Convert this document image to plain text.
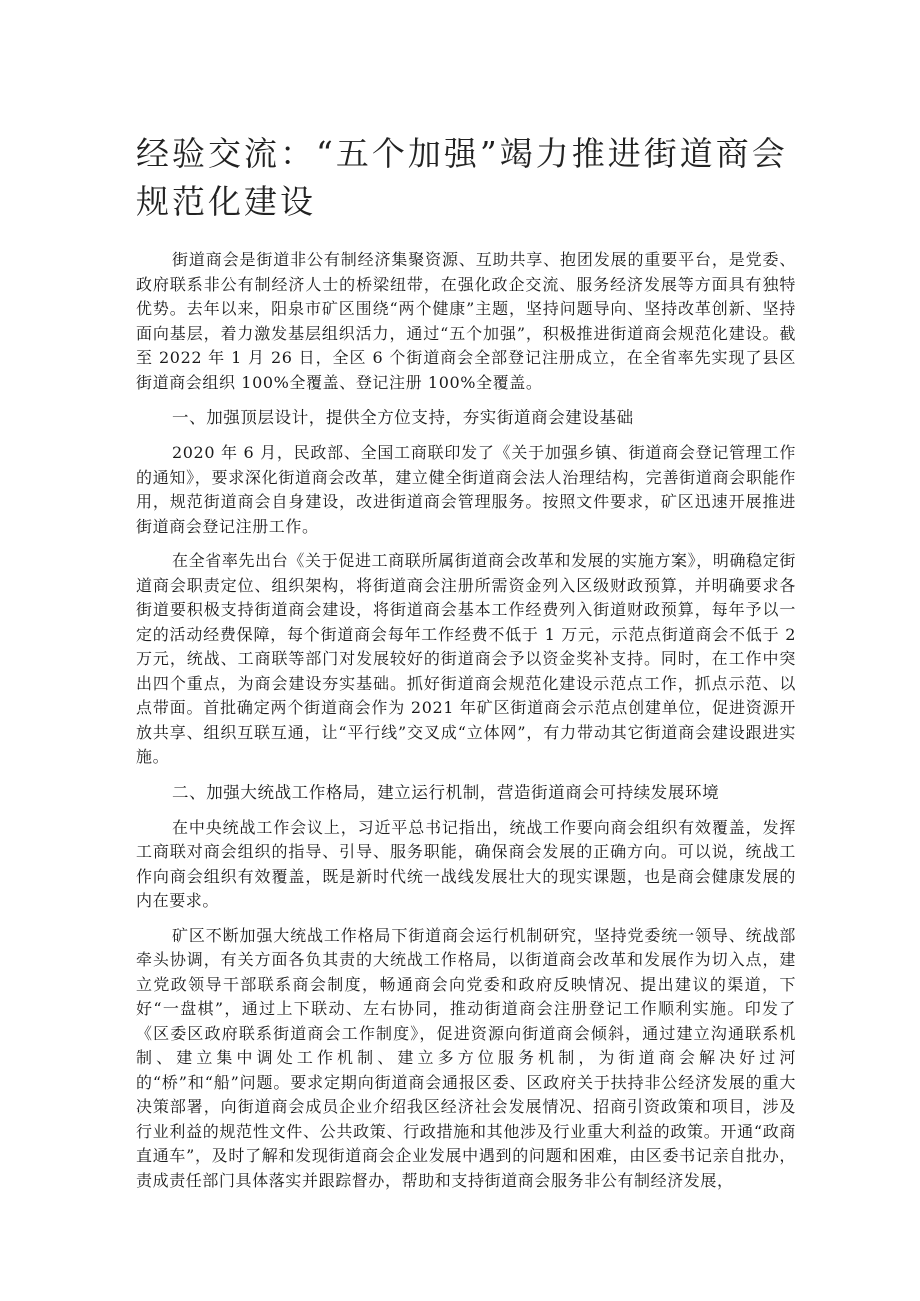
经验交流：“五个加强”竭力推进街道商会规范化建设

街道商会是街道非公有制经济集聚资源、互助共享、抱团发展的重要平台，是党委、政府联系非公有制经济人士的桥梁纽带，在强化政企交流、服务经济发展等方面具有独特优势。去年以来，阳泉市矿区围绕“两个健康”主题，坚持问题导向、坚持改革创新、坚持面向基层，着力激发基层组织活力，通过“五个加强”，积极推进街道商会规范化建设。截至 2022 年 1 月 26 日，全区 6 个街道商会全部登记注册成立，在全省率先实现了县区街道商会组织 100%全覆盖、登记注册 100%全覆盖。

一、加强顶层设计，提供全方位支持，夯实街道商会建设基础

2020 年 6 月，民政部、全国工商联印发了《关于加强乡镇、街道商会登记管理工作的通知》，要求深化街道商会改革，建立健全街道商会法人治理结构，完善街道商会职能作用，规范街道商会自身建设，改进街道商会管理服务。按照文件要求，矿区迅速开展推进街道商会登记注册工作。

在全省率先出台《关于促进工商联所属街道商会改革和发展的实施方案》，明确稳定街道商会职责定位、组织架构，将街道商会注册所需资金列入区级财政预算，并明确要求各街道要积极支持街道商会建设，将街道商会基本工作经费列入街道财政预算，每年予以一定的活动经费保障，每个街道商会每年工作经费不低于 1 万元，示范点街道商会不低于 2 万元，统战、工商联等部门对发展较好的街道商会予以资金奖补支持。同时，在工作中突出四个重点，为商会建设夯实基础。抓好街道商会规范化建设示范点工作，抓点示范、以点带面。首批确定两个街道商会作为 2021 年矿区街道商会示范点创建单位，促进资源开放共享、组织互联互通，让“平行线”交叉成“立体网”，有力带动其它街道商会建设跟进实施。

二、加强大统战工作格局，建立运行机制，营造街道商会可持续发展环境

在中央统战工作会议上，习近平总书记指出，统战工作要向商会组织有效覆盖，发挥工商联对商会组织的指导、引导、服务职能，确保商会发展的正确方向。可以说，统战工作向商会组织有效覆盖，既是新时代统一战线发展壮大的现实课题，也是商会健康发展的内在要求。

矿区不断加强大统战工作格局下街道商会运行机制研究，坚持党委统一领导、统战部牵头协调，有关方面各负其责的大统战工作格局，以街道商会改革和发展作为切入点，建立党政领导干部联系商会制度，畅通商会向党委和政府反映情况、提出建议的渠道，下好“一盘棋”，通过上下联动、左右协同，推动街道商会注册登记工作顺利实施。印发了《区委区政府联系街道商会工作制度》，促进资源向街道商会倾斜，通过建立沟通联系机制、建立集中调处工作机制、建立多方位服务机制，为街道商会解决好过河的“桥”和“船”问题。要求定期向街道商会通报区委、区政府关于扶持非公经济发展的重大决策部署，向街道商会成员企业介绍我区经济社会发展情况、招商引资政策和项目，涉及行业利益的规范性文件、公共政策、行政措施和其他涉及行业重大利益的政策。开通“政商直通车”，及时了解和发现街道商会企业发展中遇到的问题和困难，由区委书记亲自批办，责成责任部门具体落实并跟踪督办，帮助和支持街道商会服务非公有制经济发展，
